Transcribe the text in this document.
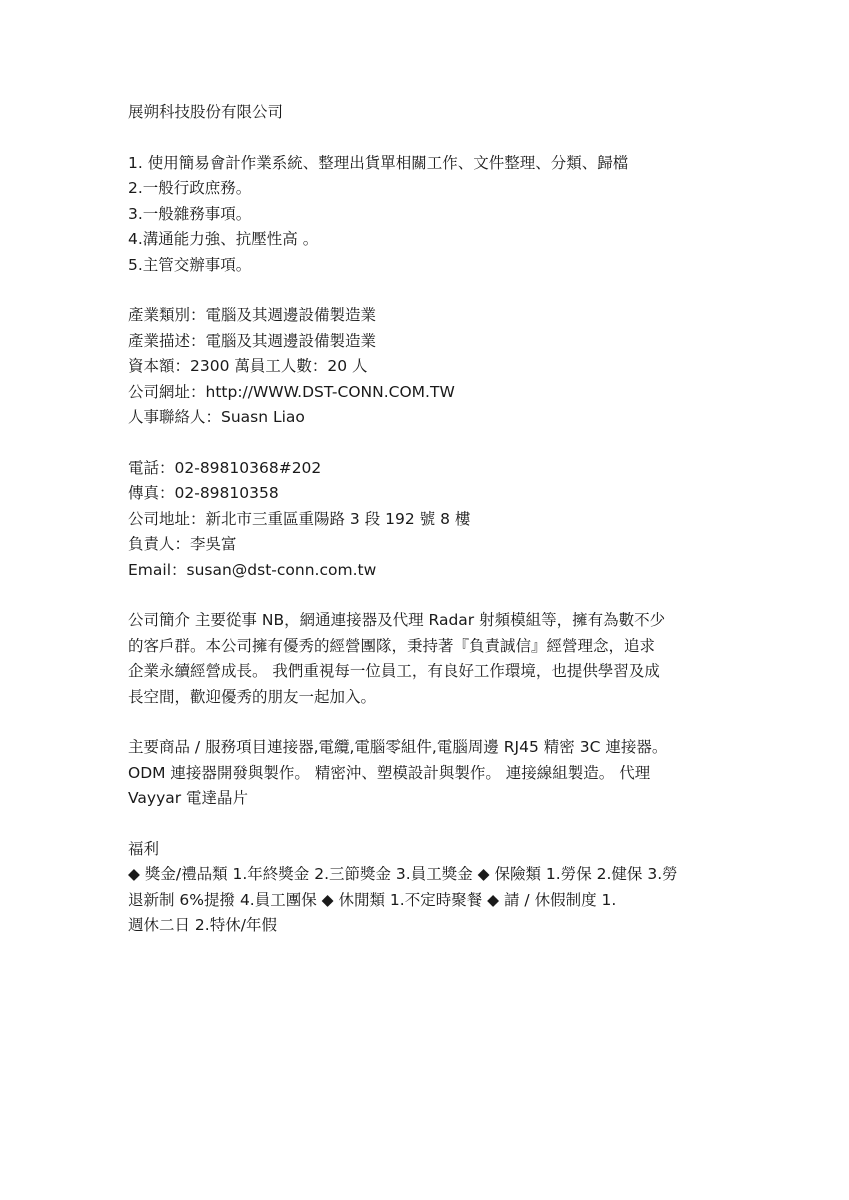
展朔科技股份有限公司

1. 使用簡易會計作業系統、整理出貨單相關工作、文件整理、分類、歸檔

2.一般行政庶務。

3.一般雜務事項。

4.溝通能力強、抗壓性高 。

5.主管交辦事項。

產業類別：電腦及其週邊設備製造業

產業描述：電腦及其週邊設備製造業

資本額：2300 萬員工人數：20 人

公司網址：http://WWW.DST-CONN.COM.TW

人事聯絡人：Suasn Liao

電話：02-89810368#202

傳真：02-89810358

公司地址：新北市三重區重陽路 3 段 192 號 8 樓

負責人：李吳富

Email：susan@dst-conn.com.tw

公司簡介 主要從事 NB，網通連接器及代理 Radar 射頻模組等，擁有為數不少

的客戶群。本公司擁有優秀的經營團隊，秉持著『負責誠信』經營理念，追求

企業永續經營成長。 我們重視每一位員工，有良好工作環境，也提供學習及成

長空間，歡迎優秀的朋友一起加入。

主要商品 / 服務項目連接器,電纜,電腦零組件,電腦周邊 RJ45 精密 3C 連接器。

ODM 連接器開發與製作。 精密沖、塑模設計與製作。 連接線組製造。 代理

Vayyar 電達晶片

福利

◆ 獎金/禮品類 1.年終獎金 2.三節獎金 3.員工獎金 ◆ 保險類 1.勞保 2.健保 3.勞

退新制 6%提撥 4.員工團保 ◆ 休閒類 1.不定時聚餐 ◆ 請 / 休假制度 1.

週休二日 2.特休/年假
